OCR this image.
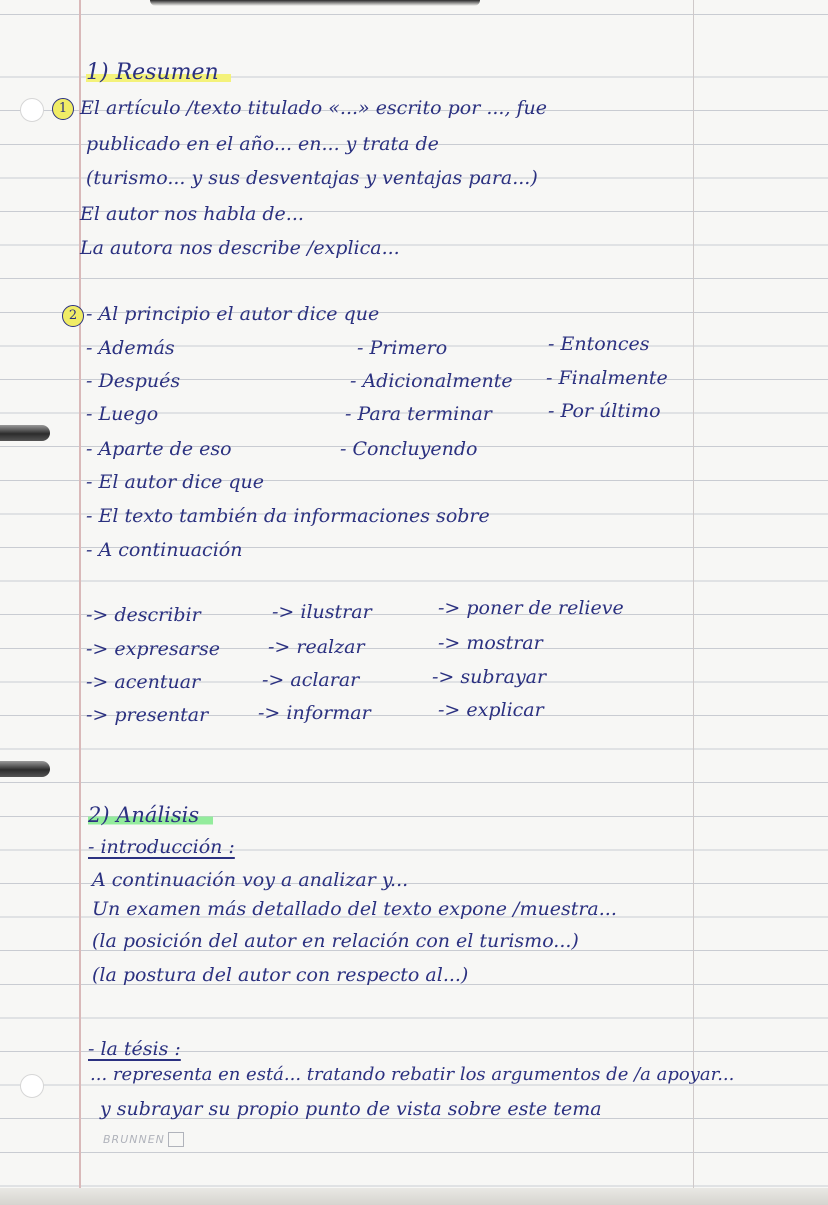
1) Resumen

1 El artículo /texto titulado «...» escrito por ..., fue

publicado en el año... en... y trata de

(turismo... y sus desventajas y ventajas para...)

El autor nos habla de...

La autora nos describe /explica...

2 - Al principio el autor dice que

- Además

- Después

- Luego

- Aparte de eso

- El autor dice que

- El texto también da informaciones sobre

- A continuación

- Primero

- Adicionalmente

- Para terminar

- Concluyendo

- Entonces

- Finalmente

- Por último

-> describir

-> expresarse

-> acentuar

-> presentar

-> ilustrar

-> realzar

-> aclarar

-> informar

-> poner de relieve

-> mostrar

-> subrayar

-> explicar

2) Análisis

- introducción :

A continuación voy a analizar y...

Un examen más detallado del texto expone /muestra...

(la posición del autor en relación con el turismo...)

(la postura del autor con respecto al...)

- la tésis :

... representa en está... tratando rebatir los argumentos de /a apoyar...

y subrayar su propio punto de vista sobre este tema

BRUNNEN
